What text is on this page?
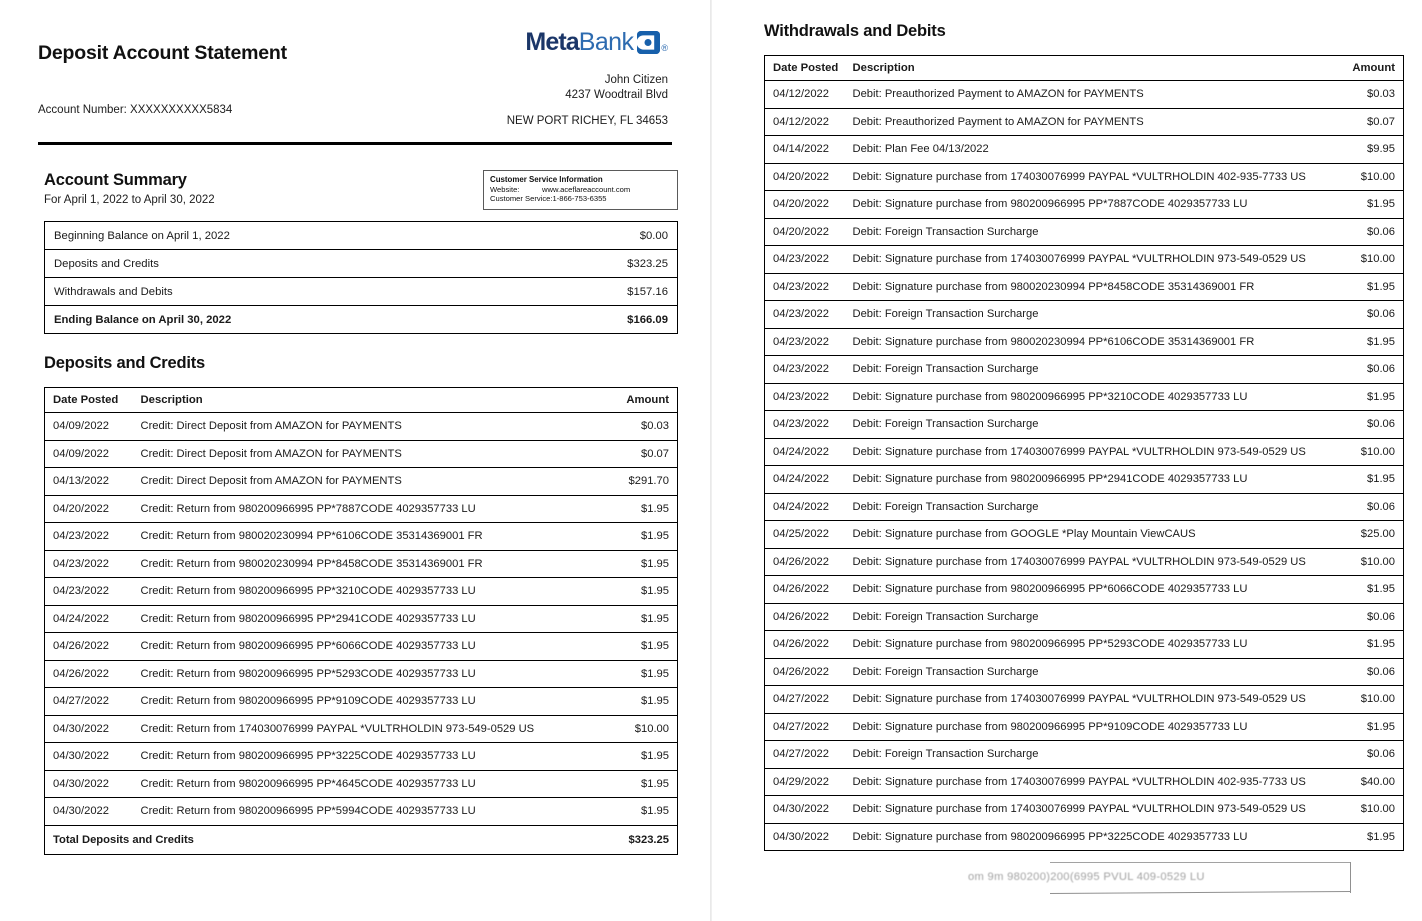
Deposit Account Statement
Account Number: XXXXXXXXXX5834
Meta Bank	®
John Citizen
4237 Woodtrail Blvd
NEW PORT RICHEY, FL 34653
Customer Service Information
Website:	www.aceflareaccount.com
Customer Service: 1-866-753-6355
Account Summary
For April 1, 2022 to April 30, 2022
Beginning Balance on April 1, 2022	$0.00
Deposits and Credits	$323.25
Withdrawals and Debits	$157.16
Ending Balance on April 30, 2022	$166.09
Deposits and Credits
Date Posted	Description	Amount
04/09/2022	Credit: Direct Deposit from AMAZON for PAYMENTS	$0.03
04/09/2022	Credit: Direct Deposit from AMAZON for PAYMENTS	$0.07
04/13/2022	Credit: Direct Deposit from AMAZON for PAYMENTS	$291.70
04/20/2022	Credit: Return from 980200966995 PP*7887CODE 4029357733 LU	$1.95
04/23/2022	Credit: Return from 980020230994 PP*6106CODE 35314369001 FR	$1.95
04/23/2022	Credit: Return from 980020230994 PP*8458CODE 35314369001 FR	$1.95
04/23/2022	Credit: Return from 980200966995 PP*3210CODE 4029357733 LU	$1.95
04/24/2022	Credit: Return from 980200966995 PP*2941CODE 4029357733 LU	$1.95
04/26/2022	Credit: Return from 980200966995 PP*6066CODE 4029357733 LU	$1.95
04/26/2022	Credit: Return from 980200966995 PP*5293CODE 4029357733 LU	$1.95
04/27/2022	Credit: Return from 980200966995 PP*9109CODE 4029357733 LU	$1.95
04/30/2022	Credit: Return from 174030076999 PAYPAL *VULTRHOLDIN 973-549-0529 US	$10.00
04/30/2022	Credit: Return from 980200966995 PP*3225CODE 4029357733 LU	$1.95
04/30/2022	Credit: Return from 980200966995 PP*4645CODE 4029357733 LU	$1.95
04/30/2022	Credit: Return from 980200966995 PP*5994CODE 4029357733 LU	$1.95
Total Deposits and Credits		$323.25
Withdrawals and Debits
Date Posted	Description	Amount
04/12/2022	Debit: Preauthorized Payment to AMAZON for PAYMENTS	$0.03
04/12/2022	Debit: Preauthorized Payment to AMAZON for PAYMENTS	$0.07
04/14/2022	Debit: Plan Fee 04/13/2022	$9.95
04/20/2022	Debit: Signature purchase from 174030076999 PAYPAL *VULTRHOLDIN 402-935-7733 US	$10.00
04/20/2022	Debit: Signature purchase from 980200966995 PP*7887CODE 4029357733 LU	$1.95
04/20/2022	Debit: Foreign Transaction Surcharge	$0.06
04/23/2022	Debit: Signature purchase from 174030076999 PAYPAL *VULTRHOLDIN 973-549-0529 US	$10.00
04/23/2022	Debit: Signature purchase from 980020230994 PP*8458CODE 35314369001 FR	$1.95
04/23/2022	Debit: Foreign Transaction Surcharge	$0.06
04/23/2022	Debit: Signature purchase from 980020230994 PP*6106CODE 35314369001 FR	$1.95
04/23/2022	Debit: Foreign Transaction Surcharge	$0.06
04/23/2022	Debit: Signature purchase from 980200966995 PP*3210CODE 4029357733 LU	$1.95
04/23/2022	Debit: Foreign Transaction Surcharge	$0.06
04/24/2022	Debit: Signature purchase from 174030076999 PAYPAL *VULTRHOLDIN 973-549-0529 US	$10.00
04/24/2022	Debit: Signature purchase from 980200966995 PP*2941CODE 4029357733 LU	$1.95
04/24/2022	Debit: Foreign Transaction Surcharge	$0.06
04/25/2022	Debit: Signature purchase from GOOGLE *Play Mountain ViewCAUS	$25.00
04/26/2022	Debit: Signature purchase from 174030076999 PAYPAL *VULTRHOLDIN 973-549-0529 US	$10.00
04/26/2022	Debit: Signature purchase from 980200966995 PP*6066CODE 4029357733 LU	$1.95
04/26/2022	Debit: Foreign Transaction Surcharge	$0.06
04/26/2022	Debit: Signature purchase from 980200966995 PP*5293CODE 4029357733 LU	$1.95
04/26/2022	Debit: Foreign Transaction Surcharge	$0.06
04/27/2022	Debit: Signature purchase from 174030076999 PAYPAL *VULTRHOLDIN 973-549-0529 US	$10.00
04/27/2022	Debit: Signature purchase from 980200966995 PP*9109CODE 4029357733 LU	$1.95
04/27/2022	Debit: Foreign Transaction Surcharge	$0.06
04/29/2022	Debit: Signature purchase from 174030076999 PAYPAL *VULTRHOLDIN 402-935-7733 US	$40.00
04/30/2022	Debit: Signature purchase from 174030076999 PAYPAL *VULTRHOLDIN 973-549-0529 US	$10.00
04/30/2022	Debit: Signature purchase from 980200966995 PP*3225CODE 4029357733 LU	$1.95
om 9m 980200)200(6995 PVUL 409-0529 LU
